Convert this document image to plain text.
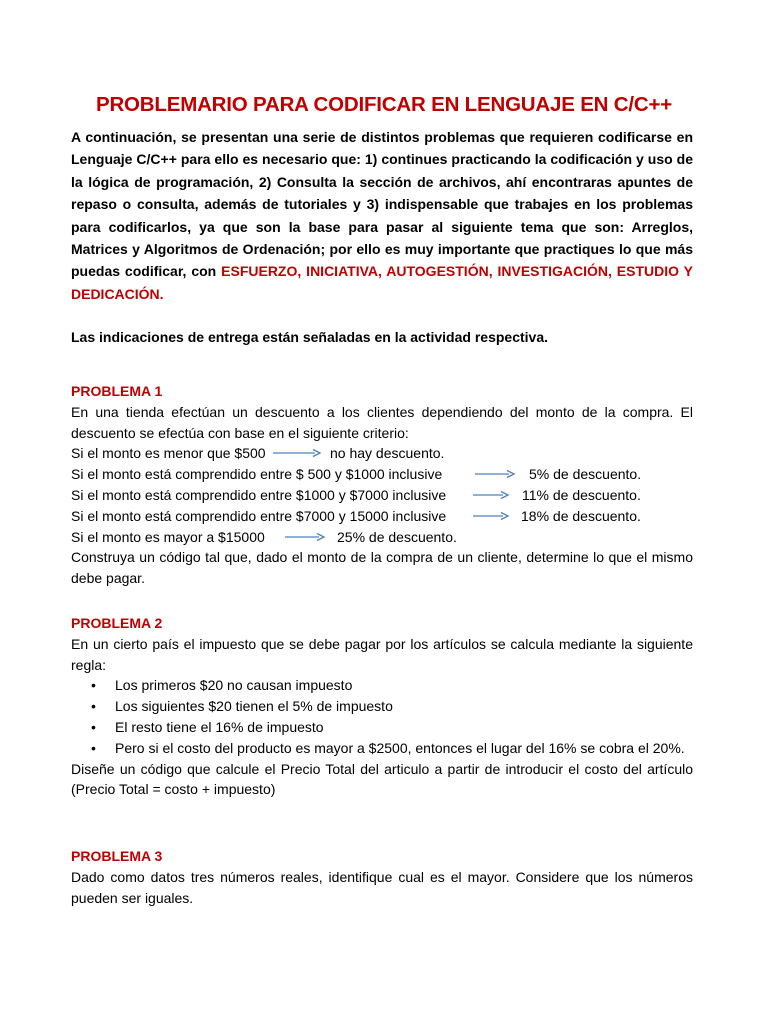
PROBLEMARIO PARA CODIFICAR EN LENGUAJE EN C/C++

A continuación, se presentan una serie de distintos problemas que requieren codificarse en Lenguaje C/C++ para ello es necesario que: 1) continues practicando la codificación y uso de la lógica de programación, 2) Consulta la sección de archivos, ahí encontraras apuntes de repaso o consulta, además de tutoriales y 3) indispensable que trabajes en los problemas para codificarlos, ya que son la base para pasar al siguiente tema que son: Arreglos, Matrices y Algoritmos de Ordenación; por ello es muy importante que practiques lo que más puedas codificar, con ESFUERZO, INICIATIVA, AUTOGESTIÓN, INVESTIGACIÓN, ESTUDIO Y DEDICACIÓN.

Las indicaciones de entrega están señaladas en la actividad respectiva.

PROBLEMA 1

En una tienda efectúan un descuento a los clientes dependiendo del monto de la compra. El descuento se efectúa con base en el siguiente criterio:

Si el monto es menor que $500	no hay descuento.
Si el monto está comprendido entre $ 500 y $1000 inclusive	5% de descuento.
Si el monto está comprendido entre $1000 y $7000 inclusive	11% de descuento.
Si el monto está comprendido entre $7000 y 15000 inclusive	18% de descuento.
Si el monto es mayor a $15000	25% de descuento.

Construya un código tal que, dado el monto de la compra de un cliente, determine lo que el mismo debe pagar.

PROBLEMA 2

En un cierto país el impuesto que se debe pagar por los artículos se calcula mediante la siguiente regla:

• Los primeros $20 no causan impuesto
• Los siguientes $20 tienen el 5% de impuesto
• El resto tiene el 16% de impuesto
• Pero si el costo del producto es mayor a $2500, entonces el lugar del 16% se cobra el 20%.

Diseñe un código que calcule el Precio Total del articulo a partir de introducir el costo del artículo (Precio Total = costo + impuesto)

PROBLEMA 3

Dado como datos tres números reales, identifique cual es el mayor. Considere que los números pueden ser iguales.
